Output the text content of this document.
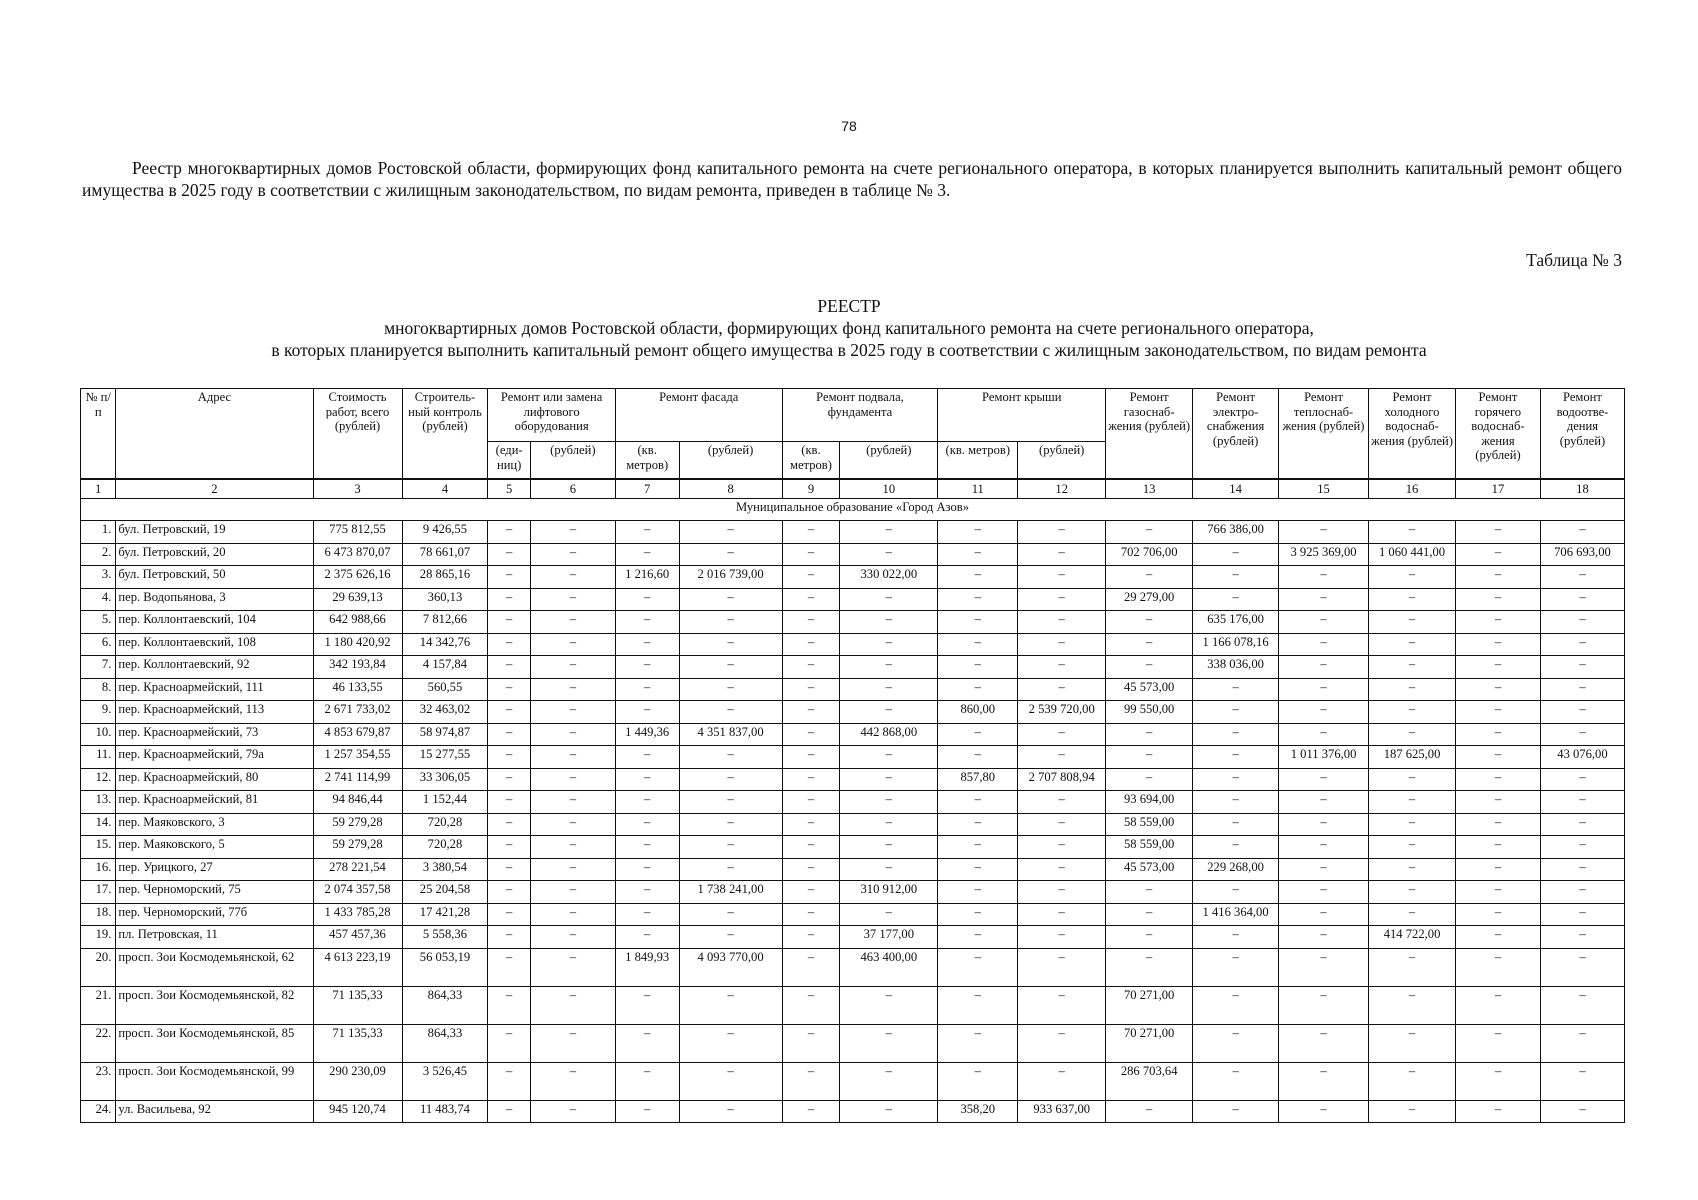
78

Реестр многоквартирных домов Ростовской области, формирующих фонд капитального ремонта на счете регионального оператора, в которых планируется выполнить капитальный ремонт общего имущества в 2025 году в соответствии с жилищным законодательством, по видам ремонта, приведен в таблице № 3.

Таблица № 3
РЕЕСТР
многоквартирных домов Ростовской области, формирующих фонд капитального ремонта на счете регионального оператора,
в которых планируется выполнить капитальный ремонт общего имущества в 2025 году в соответствии с жилищным законодательством, по видам ремонта
№ п/п	Адрес	Стоимость работ, всего (рублей)	Строитель-ный контроль (рублей)	Ремонт или замена лифтового оборудования		Ремонт фасада		Ремонт подвала, фундамента		Ремонт крыши		Ремонт газоснаб-жения (рублей)	Ремонт электро-снабжения (рублей)	Ремонт теплоснаб-жения (рублей)	Ремонт холодного водоснаб-жения (рублей)	Ремонт горячего водоснаб-жения (рублей)	Ремонт водоотве-дения (рублей)
				(еди-ниц)	(рублей)	(кв. метров)	(рублей)	(кв. метров)	(рублей)	(кв. метров)	(рублей)						
1	2	3	4	5	6	7	8	9	10	11	12	13	14	15	16	17	18
Муниципальное образование «Город Азов»																	
1.	бул. Петровский, 19	775 812,55	9 426,55	–	–	–	–	–	–	–	–	–	766 386,00	–	–	–	–
2.	бул. Петровский, 20	6 473 870,07	78 661,07	–	–	–	–	–	–	–	–	702 706,00	–	3 925 369,00	1 060 441,00	–	706 693,00
3.	бул. Петровский, 50	2 375 626,16	28 865,16	–	–	1 216,60	2 016 739,00	–	330 022,00	–	–	–	–	–	–	–	–
4.	пер. Водопьянова, 3	29 639,13	360,13	–	–	–	–	–	–	–	–	29 279,00	–	–	–	–	–
5.	пер. Коллонтаевский, 104	642 988,66	7 812,66	–	–	–	–	–	–	–	–	–	635 176,00	–	–	–	–
6.	пер. Коллонтаевский, 108	1 180 420,92	14 342,76	–	–	–	–	–	–	–	–	–	1 166 078,16	–	–	–	–
7.	пер. Коллонтаевский, 92	342 193,84	4 157,84	–	–	–	–	–	–	–	–	–	338 036,00	–	–	–	–
8.	пер. Красноармейский, 111	46 133,55	560,55	–	–	–	–	–	–	–	–	45 573,00	–	–	–	–	–
9.	пер. Красноармейский, 113	2 671 733,02	32 463,02	–	–	–	–	–	–	860,00	2 539 720,00	99 550,00	–	–	–	–	–
10.	пер. Красноармейский, 73	4 853 679,87	58 974,87	–	–	1 449,36	4 351 837,00	–	442 868,00	–	–	–	–	–	–	–	–
11.	пер. Красноармейский, 79а	1 257 354,55	15 277,55	–	–	–	–	–	–	–	–	–	–	1 011 376,00	187 625,00	–	43 076,00
12.	пер. Красноармейский, 80	2 741 114,99	33 306,05	–	–	–	–	–	–	857,80	2 707 808,94	–	–	–	–	–	–
13.	пер. Красноармейский, 81	94 846,44	1 152,44	–	–	–	–	–	–	–	–	93 694,00	–	–	–	–	–
14.	пер. Маяковского, 3	59 279,28	720,28	–	–	–	–	–	–	–	–	58 559,00	–	–	–	–	–
15.	пер. Маяковского, 5	59 279,28	720,28	–	–	–	–	–	–	–	–	58 559,00	–	–	–	–	–
16.	пер. Урицкого, 27	278 221,54	3 380,54	–	–	–	–	–	–	–	–	45 573,00	229 268,00	–	–	–	–
17.	пер. Черноморский, 75	2 074 357,58	25 204,58	–	–	–	1 738 241,00	–	310 912,00	–	–	–	–	–	–	–	–
18.	пер. Черноморский, 77б	1 433 785,28	17 421,28	–	–	–	–	–	–	–	–	–	1 416 364,00	–	–	–	–
19.	пл. Петровская, 11	457 457,36	5 558,36	–	–	–	–	–	37 177,00	–	–	–	–	–	414 722,00	–	–
20.	просп. Зои Космодемьянской, 62	4 613 223,19	56 053,19	–	–	1 849,93	4 093 770,00	–	463 400,00	–	–	–	–	–	–	–	–
21.	просп. Зои Космодемьянской, 82	71 135,33	864,33	–	–	–	–	–	–	–	–	70 271,00	–	–	–	–	–
22.	просп. Зои Космодемьянской, 85	71 135,33	864,33	–	–	–	–	–	–	–	–	70 271,00	–	–	–	–	–
23.	просп. Зои Космодемьянской, 99	290 230,09	3 526,45	–	–	–	–	–	–	–	–	286 703,64	–	–	–	–	–
24.	ул. Васильева, 92	945 120,74	11 483,74	–	–	–	–	–	–	358,20	933 637,00	–	–	–	–	–	–
